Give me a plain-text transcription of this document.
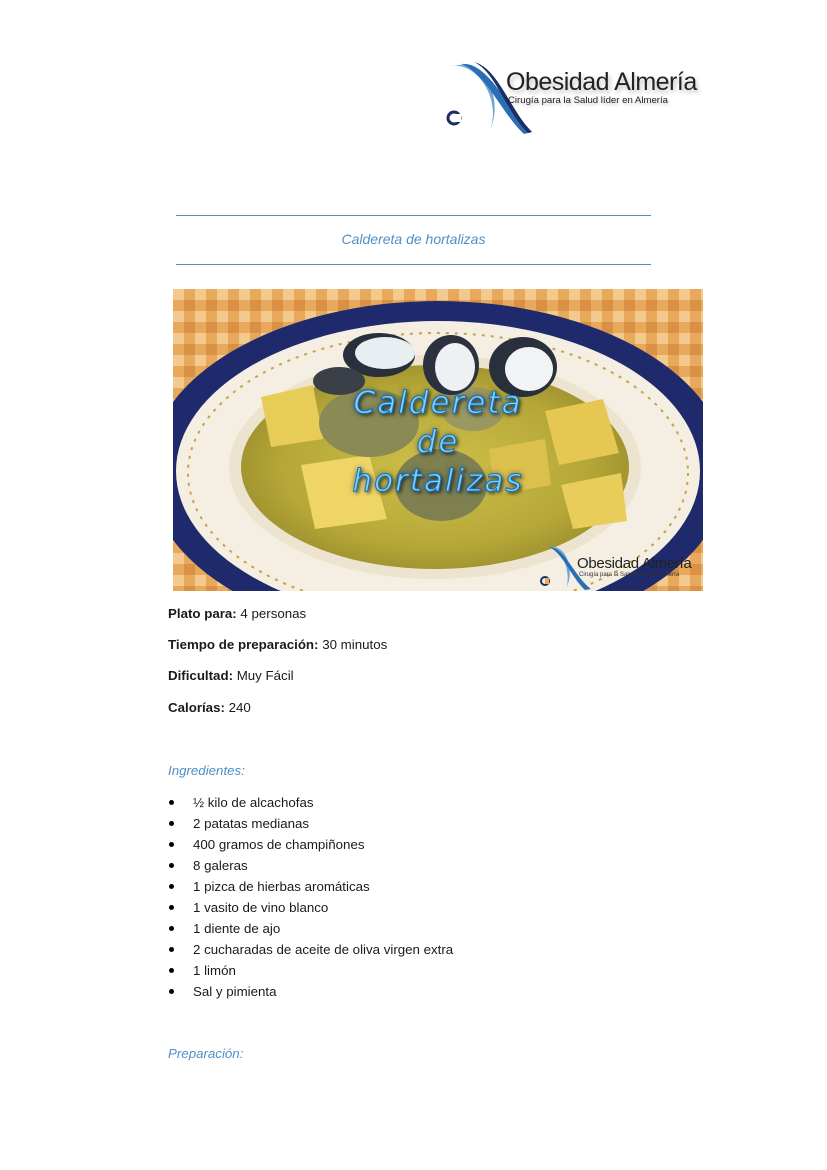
Obesidad Almería
Cirugía para la Salud líder en Almería
Caldereta de hortalizas
Caldereta
de
hortalizas
Obesidad Almería
Cirugía para la Salud líder en Almería
Plato para: 4 personas
Tiempo de preparación: 30 minutos
Dificultad: Muy Fácil
Calorías: 240
Ingredientes:
½ kilo de alcachofas
2 patatas medianas
400 gramos de champiñones
8 galeras
1 pizca de hierbas aromáticas
1 vasito de vino blanco
1 diente de ajo
2 cucharadas de aceite de oliva virgen extra
1 limón
Sal y pimienta
Preparación:
